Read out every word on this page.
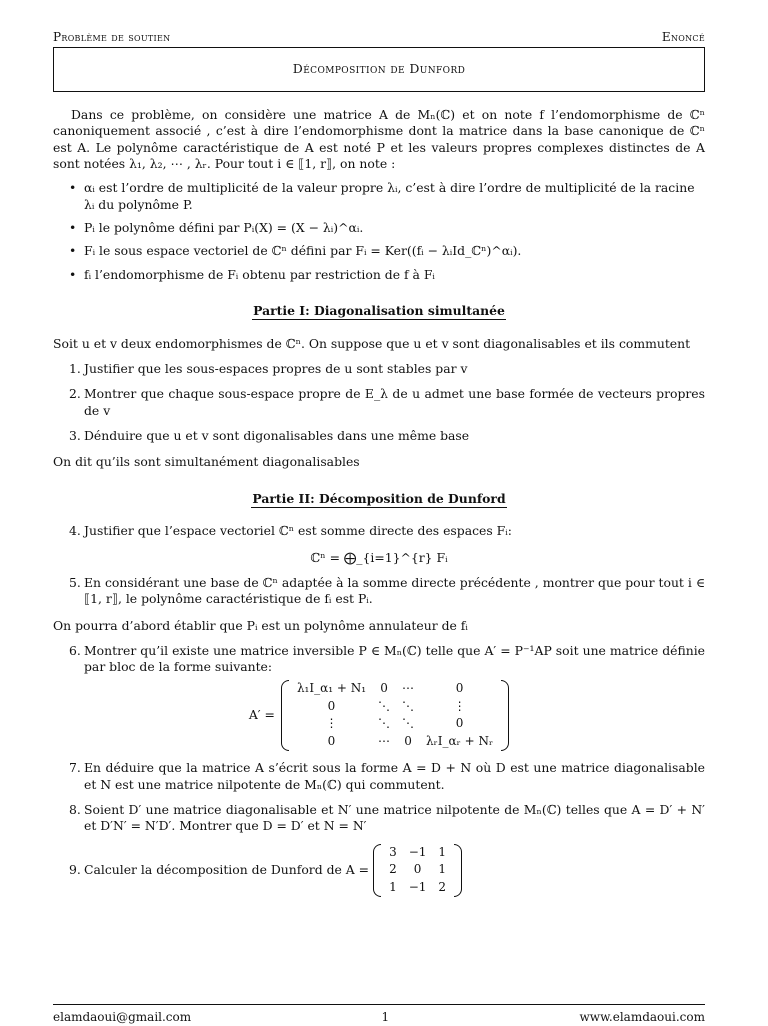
Problème de soutien	Enoncé
Décomposition de Dunford

Dans ce problème, on considère une matrice A de Mₙ(ℂ) et on note f l’endomorphisme de ℂⁿ canoniquement associé , c’est à dire l’endomorphisme dont la matrice dans la base canonique de ℂⁿ est A. Le polynôme caractéristique de A est noté P et les valeurs propres complexes distinctes de A sont notées λ₁, λ₂, ⋯ , λᵣ. Pour tout i ∈ ⟦1, r⟧, on note :

• αᵢ est l’ordre de multiplicité de la valeur propre λᵢ, c’est à dire l’ordre de multiplicité de la racine λᵢ du polynôme P.
• Pᵢ le polynôme défini par Pᵢ(X) = (X − λᵢ)^αᵢ.
• Fᵢ le sous espace vectoriel de ℂⁿ défini par Fᵢ = Ker((fᵢ − λᵢId_ℂⁿ)^αᵢ).
• fᵢ l’endomorphisme de Fᵢ obtenu par restriction de f à Fᵢ
Partie I: Diagonalisation simultanée

Soit u et v deux endomorphismes de ℂⁿ. On suppose que u et v sont diagonalisables et ils commutent

1. Justifier que les sous-espaces propres de u sont stables par v
2. Montrer que chaque sous-espace propre de E_λ de u admet une base formée de vecteurs propres de v
3. Dénduire que u et v sont digonalisables dans une même base

On dit qu’ils sont simultanément diagonalisables

Partie II: Décomposition de Dunford
4. Justifier que l’espace vectoriel ℂⁿ est somme directe des espaces Fᵢ:
ℂⁿ = ⨁_{i=1}^{r} Fᵢ
5. En considérant une base de ℂⁿ adaptée à la somme directe précédente , montrer que pour tout i ∈ ⟦1, r⟧, le polynôme caractéristique de fᵢ est Pᵢ.

On pourra d’abord établir que Pᵢ est un polynôme annulateur de fᵢ

6. Montrer qu’il existe une matrice inversible P ∈ Mₙ(ℂ) telle que A′ = P⁻¹AP soit une matrice définie par bloc de la forme suivante:
A′ =
λ₁I_α₁ + N₁	0	⋯	0
0	⋱	⋱	⋮
⋮	⋱	⋱	0
0	⋯	0	λᵣI_αᵣ + Nᵣ
7. En déduire que la matrice A s’écrit sous la forme A = D + N où D est une matrice diagonalisable et N est une matrice nilpotente de Mₙ(ℂ) qui commutent.
8. Soient D′ une matrice diagonalisable et N′ une matrice nilpotente de Mₙ(ℂ) telles que A = D′ + N′ et D′N′ = N′D′. Montrer que D = D′ et N = N′
9. Calculer la décomposition de Dunford de A =
3	−1	1
2	0	1
1	−1	2
elamdaoui@gmail.com	1	www.elamdaoui.com
